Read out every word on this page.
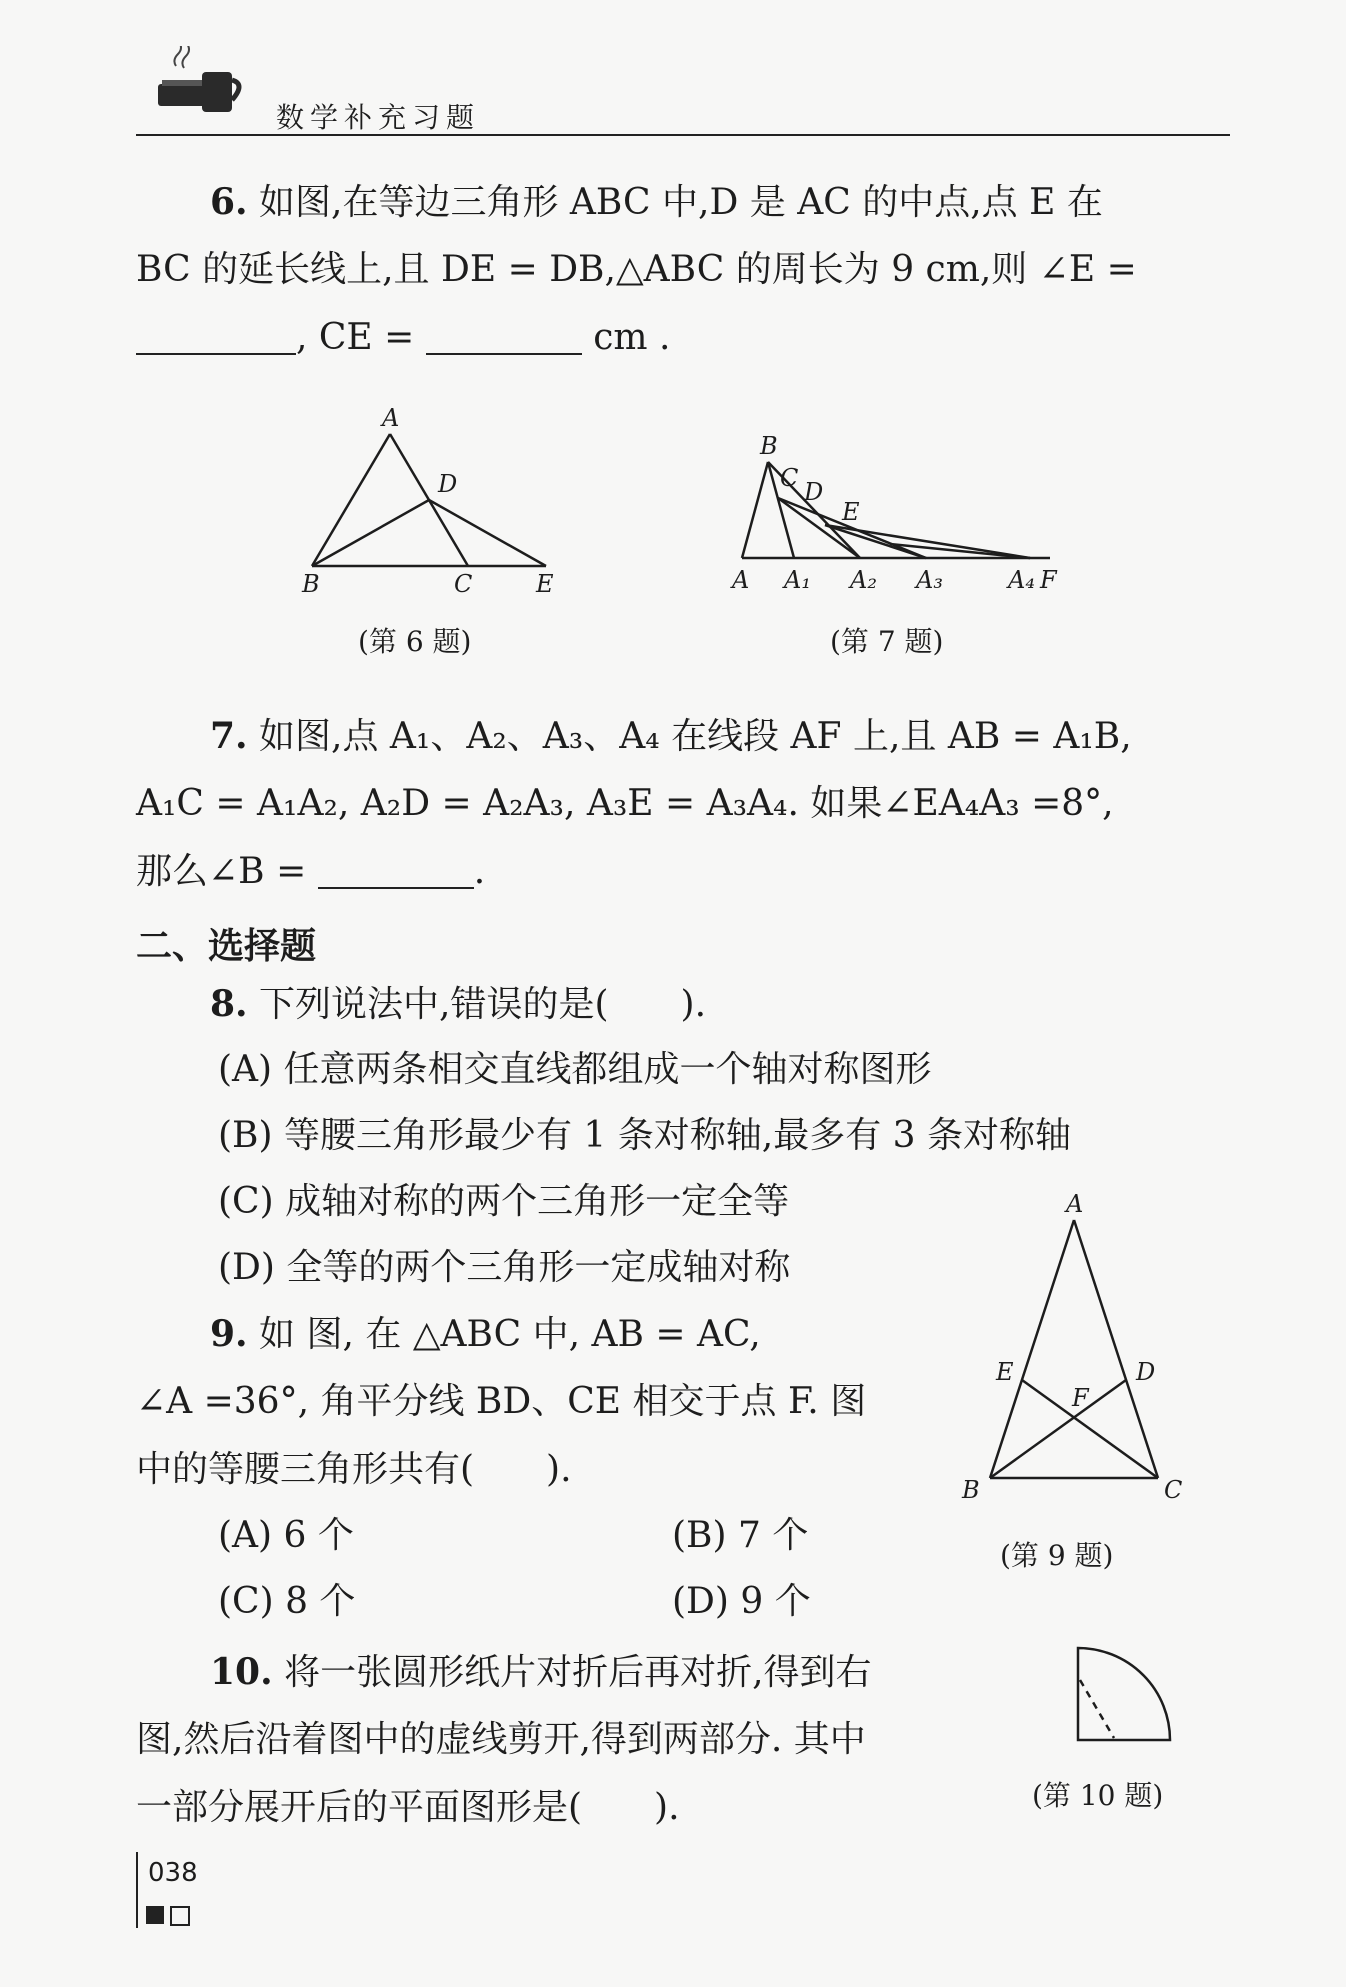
数学补充习题
6. 如图,在等边三角形 ABC 中,D 是 AC 的中点,点 E 在
BC 的延长线上,且 DE = DB,△ABC 的周长为 9 cm,则 ∠E =
, CE =	cm .
A
D
B	C	E
(第 6 题)
B
C D
E
A A₁ A₂ A₃	A₄ F
(第 7 题)
7. 如图,点 A₁、A₂、A₃、A₄ 在线段 AF 上,且 AB = A₁B,
A₁C = A₁A₂, A₂D = A₂A₃, A₃E = A₃A₄. 如果∠EA₄A₃ =8°,
那么∠B =	.
二、选择题
8. 下列说法中,错误的是(　　).
(A) 任意两条相交直线都组成一个轴对称图形
(B) 等腰三角形最少有 1 条对称轴,最多有 3 条对称轴
(C) 成轴对称的两个三角形一定全等
(D) 全等的两个三角形一定成轴对称
A
E	D
F
B	C
(第 9 题)
9. 如 图, 在 △ABC 中, AB = AC,
∠A =36°, 角平分线 BD、CE 相交于点 F. 图
中的等腰三角形共有(　　).
(A) 6 个	(B) 7 个
(C) 8 个	(D) 9 个
10. 将一张圆形纸片对折后再对折,得到右
图,然后沿着图中的虚线剪开,得到两部分. 其中
一部分展开后的平面图形是(　　).	(第 10 题)
038
